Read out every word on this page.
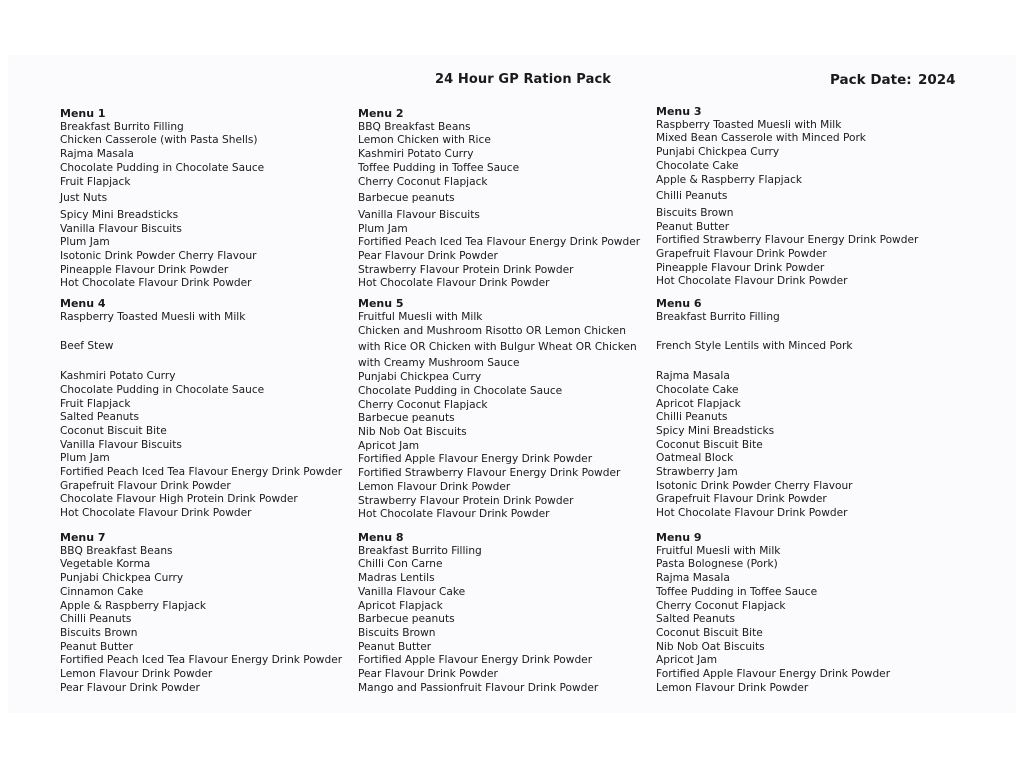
24 Hour GP Ration Pack	Pack Date: 2024
Menu 1
Breakfast Burrito Filling
Chicken Casserole (with Pasta Shells)
Rajma Masala
Chocolate Pudding in Chocolate Sauce
Fruit Flapjack
Just Nuts
Spicy Mini Breadsticks
Vanilla Flavour Biscuits
Plum Jam
Isotonic Drink Powder Cherry Flavour
Pineapple Flavour Drink Powder
Hot Chocolate Flavour Drink Powder
Menu 2
BBQ Breakfast Beans
Lemon Chicken with Rice
Kashmiri Potato Curry
Toffee Pudding in Toffee Sauce
Cherry Coconut Flapjack
Barbecue peanuts
Vanilla Flavour Biscuits
Plum Jam
Fortified Peach Iced Tea Flavour Energy Drink Powder
Pear Flavour Drink Powder
Strawberry Flavour Protein Drink Powder
Hot Chocolate Flavour Drink Powder
Menu 3
Raspberry Toasted Muesli with Milk
Mixed Bean Casserole with Minced Pork
Punjabi Chickpea Curry
Chocolate Cake
Apple & Raspberry Flapjack
Chilli Peanuts
Biscuits Brown
Peanut Butter
Fortified Strawberry Flavour Energy Drink Powder
Grapefruit Flavour Drink Powder
Pineapple Flavour Drink Powder
Hot Chocolate Flavour Drink Powder
Menu 4
Raspberry Toasted Muesli with Milk
Beef Stew
Kashmiri Potato Curry
Chocolate Pudding in Chocolate Sauce
Fruit Flapjack
Salted Peanuts
Coconut Biscuit Bite
Vanilla Flavour Biscuits
Plum Jam
Fortified Peach Iced Tea Flavour Energy Drink Powder
Grapefruit Flavour Drink Powder
Chocolate Flavour High Protein Drink Powder
Hot Chocolate Flavour Drink Powder
Menu 5
Fruitful Muesli with Milk
Chicken and Mushroom Risotto OR Lemon Chicken with Rice OR Chicken with Bulgur Wheat OR Chicken with Creamy Mushroom Sauce
Punjabi Chickpea Curry
Chocolate Pudding in Chocolate Sauce
Cherry Coconut Flapjack
Barbecue peanuts
Nib Nob Oat Biscuits
Apricot Jam
Fortified Apple Flavour Energy Drink Powder
Fortified Strawberry Flavour Energy Drink Powder
Lemon Flavour Drink Powder
Strawberry Flavour Protein Drink Powder
Hot Chocolate Flavour Drink Powder
Menu 6
Breakfast Burrito Filling
French Style Lentils with Minced Pork
Rajma Masala
Chocolate Cake
Apricot Flapjack
Chilli Peanuts
Spicy Mini Breadsticks
Coconut Biscuit Bite
Oatmeal Block
Strawberry Jam
Isotonic Drink Powder Cherry Flavour
Grapefruit Flavour Drink Powder
Hot Chocolate Flavour Drink Powder
Menu 7
BBQ Breakfast Beans
Vegetable Korma
Punjabi Chickpea Curry
Cinnamon Cake
Apple & Raspberry Flapjack
Chilli Peanuts
Biscuits Brown
Peanut Butter
Fortified Peach Iced Tea Flavour Energy Drink Powder
Lemon Flavour Drink Powder
Pear Flavour Drink Powder
Menu 8
Breakfast Burrito Filling
Chilli Con Carne
Madras Lentils
Vanilla Flavour Cake
Apricot Flapjack
Barbecue peanuts
Biscuits Brown
Peanut Butter
Fortified Apple Flavour Energy Drink Powder
Pear Flavour Drink Powder
Mango and Passionfruit Flavour Drink Powder
Menu 9
Fruitful Muesli with Milk
Pasta Bolognese (Pork)
Rajma Masala
Toffee Pudding in Toffee Sauce
Cherry Coconut Flapjack
Salted Peanuts
Coconut Biscuit Bite
Nib Nob Oat Biscuits
Apricot Jam
Fortified Apple Flavour Energy Drink Powder
Lemon Flavour Drink Powder
